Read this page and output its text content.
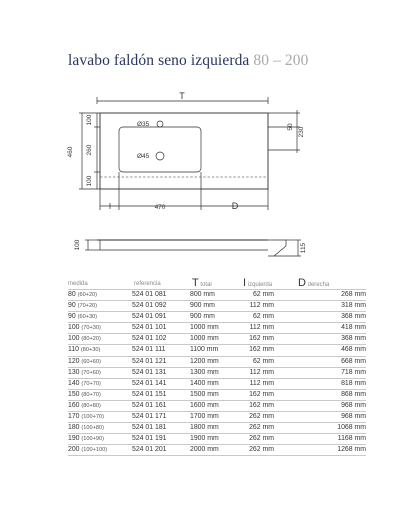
lavabo faldón seno izquierda 80 – 200
T
460
100
260
100
50 230
Ø35
Ø45
I	470	D
100	115
medida	referencia	T total	I izquierda D derecha
80 (60+20)	524 01 081	800 mm	62 mm	268 mm
90 (70+20)	524 01 092	900 mm	112 mm	318 mm
90 (60+30)	524 01 091	900 mm	62 mm	368 mm
100 (70+30)	524 01 101	1000 mm	112 mm	418 mm
100 (80+20)	524 01 102	1000 mm	162 mm	368 mm
110 (80+30)	524 01 111	1100 mm	162 mm	468 mm
120 (60+60)	524 01 121	1200 mm	62 mm	668 mm
130 (70+60)	524 01 131	1300 mm	112 mm	718 mm
140 (70+70)	524 01 141	1400 mm	112 mm	818 mm
150 (80+70)	524 01 151	1500 mm	162 mm	868 mm
160 (80+80)	524 01 161	1600 mm	162 mm	968 mm
170 (100+70)	524 01 171	1700 mm	262 mm	968 mm
180 (100+80)	524 01 181	1800 mm	262 mm	1068 mm
190 (100+90)	524 01 191	1900 mm	262 mm	1168 mm
200 (100+100)	524 01 201	2000 mm	262 mm	1268 mm
